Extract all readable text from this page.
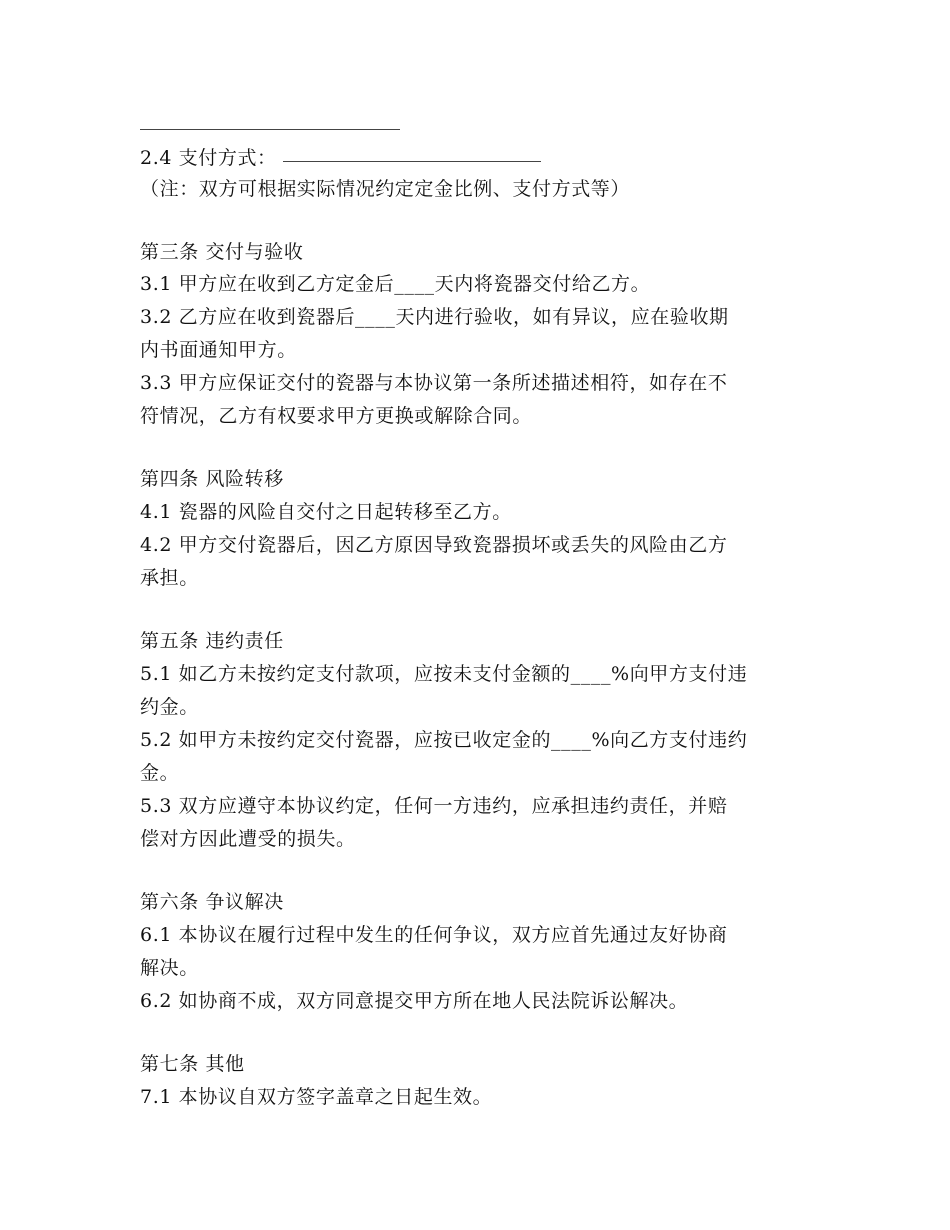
2.4 支付方式：
（注：双方可根据实际情况约定定金比例、支付方式等）
第三条 交付与验收
3.1 甲方应在收到乙方定金后____天内将瓷器交付给乙方。
3.2 乙方应在收到瓷器后____天内进行验收，如有异议，应在验收期
内书面通知甲方。
3.3 甲方应保证交付的瓷器与本协议第一条所述描述相符，如存在不
符情况，乙方有权要求甲方更换或解除合同。
第四条 风险转移
4.1 瓷器的风险自交付之日起转移至乙方。
4.2 甲方交付瓷器后，因乙方原因导致瓷器损坏或丢失的风险由乙方
承担。
第五条 违约责任
5.1 如乙方未按约定支付款项，应按未支付金额的____%向甲方支付违
约金。
5.2 如甲方未按约定交付瓷器，应按已收定金的____%向乙方支付违约
金。
5.3 双方应遵守本协议约定，任何一方违约，应承担违约责任，并赔
偿对方因此遭受的损失。
第六条 争议解决
6.1 本协议在履行过程中发生的任何争议，双方应首先通过友好协商
解决。
6.2 如协商不成，双方同意提交甲方所在地人民法院诉讼解决。
第七条 其他
7.1 本协议自双方签字盖章之日起生效。
